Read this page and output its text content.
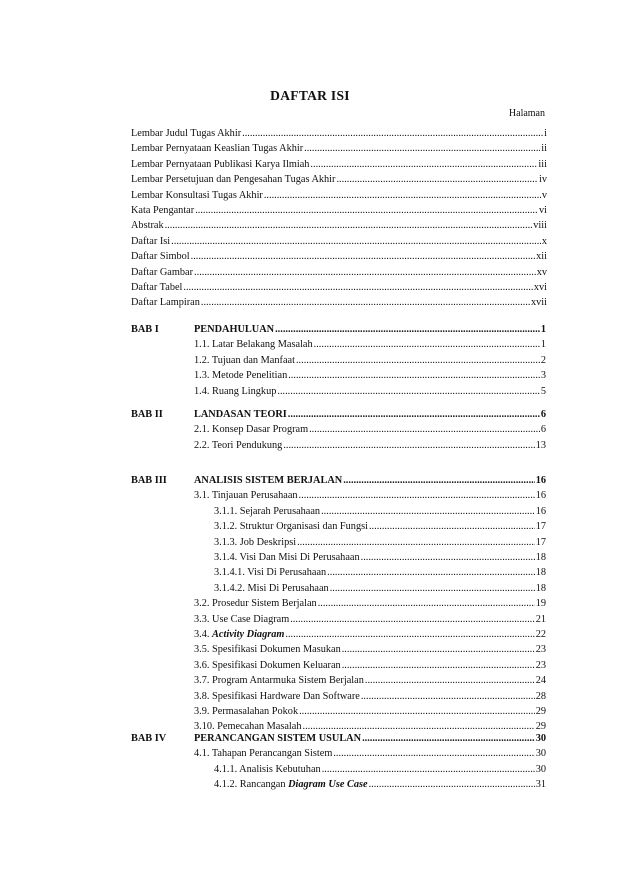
DAFTAR ISI
Halaman
Lembar Judul Tugas Akhir .....	i
Lembar Pernyataan Keaslian Tugas Akhir .....	ii
Lembar Pernyataan Publikasi Karya Ilmiah .....	iii
Lembar Persetujuan dan Pengesahan Tugas Akhir .....	iv
Lembar Konsultasi Tugas Akhir .....	v
Kata Pengantar .....	vi
Abstrak .....	viii
Daftar Isi .....	x
Daftar Simbol .....	xii
Daftar Gambar .....	xv
Daftar Tabel .....	xvi
Daftar Lampiran .....	xvii
BAB I	PENDAHULUAN .....	1
1.1. Latar Belakang Masalah .....	1
1.2. Tujuan dan Manfaat .....	2
1.3. Metode Penelitian .....	3
1.4. Ruang Lingkup .....	5
BAB II	LANDASAN TEORI .....	6
2.1. Konsep Dasar Program .....	6
2.2. Teori Pendukung .....	13
BAB III	ANALISIS SISTEM BERJALAN .....	16
3.1. Tinjauan Perusahaan .....	16
3.1.1. Sejarah Perusahaan .....	16
3.1.2. Struktur Organisasi dan Fungsi .....	17
3.1.3. Job Deskripsi .....	17
3.1.4. Visi Dan Misi Di Perusahaan .....	18
3.1.4.1. Visi Di Perusahaan .....	18
3.1.4.2. Misi Di Perusahaan .....	18
3.2. Prosedur Sistem Berjalan .....	19
3.3. Use Case Diagram .....	21
3.4. Activity Diagram .....	22
3.5. Spesifikasi Dokumen Masukan .....	23
3.6. Spesifikasi Dokumen Keluaran .....	23
3.7. Program Antarmuka Sistem Berjalan .....	24
3.8. Spesifikasi Hardware Dan Software .....	28
3.9. Permasalahan Pokok .....	29
3.10. Pemecahan Masalah .....	29
BAB IV	PERANCANGAN SISTEM USULAN .....	30
4.1. Tahapan Perancangan Sistem .....	30
4.1.1. Analisis Kebutuhan .....	30
4.1.2. Rancangan Diagram Use Case .....	31
